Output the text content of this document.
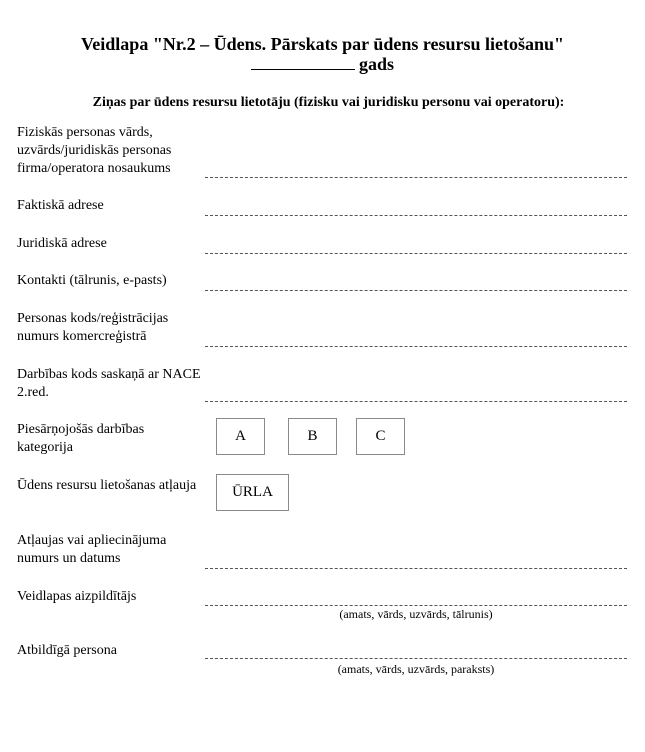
Veidlapa "Nr.2 – Ūdens. Pārskats par ūdens resursu lietošanu"
gads
Ziņas par ūdens resursu lietotāju (fizisku vai juridisku personu vai operatoru):
Fiziskās personas vārds, uzvārds/juridiskās personas firma/operatora nosaukums
Faktiskā adrese
Juridiskā adrese
Kontakti (tālrunis, e-pasts)
Personas kods/reģistrācijas numurs komercreģistrā
Darbības kods saskaņā ar NACE 2.red.
Piesārņojošās darbības kategorija
A	B	C
Ūdens resursu lietošanas atļauja	ŪRLA
Atļaujas vai apliecinājuma numurs un datums
Veidlapas aizpildītājs
(amats, vārds, uzvārds, tālrunis)
Atbildīgā persona
(amats, vārds, uzvārds, paraksts)
